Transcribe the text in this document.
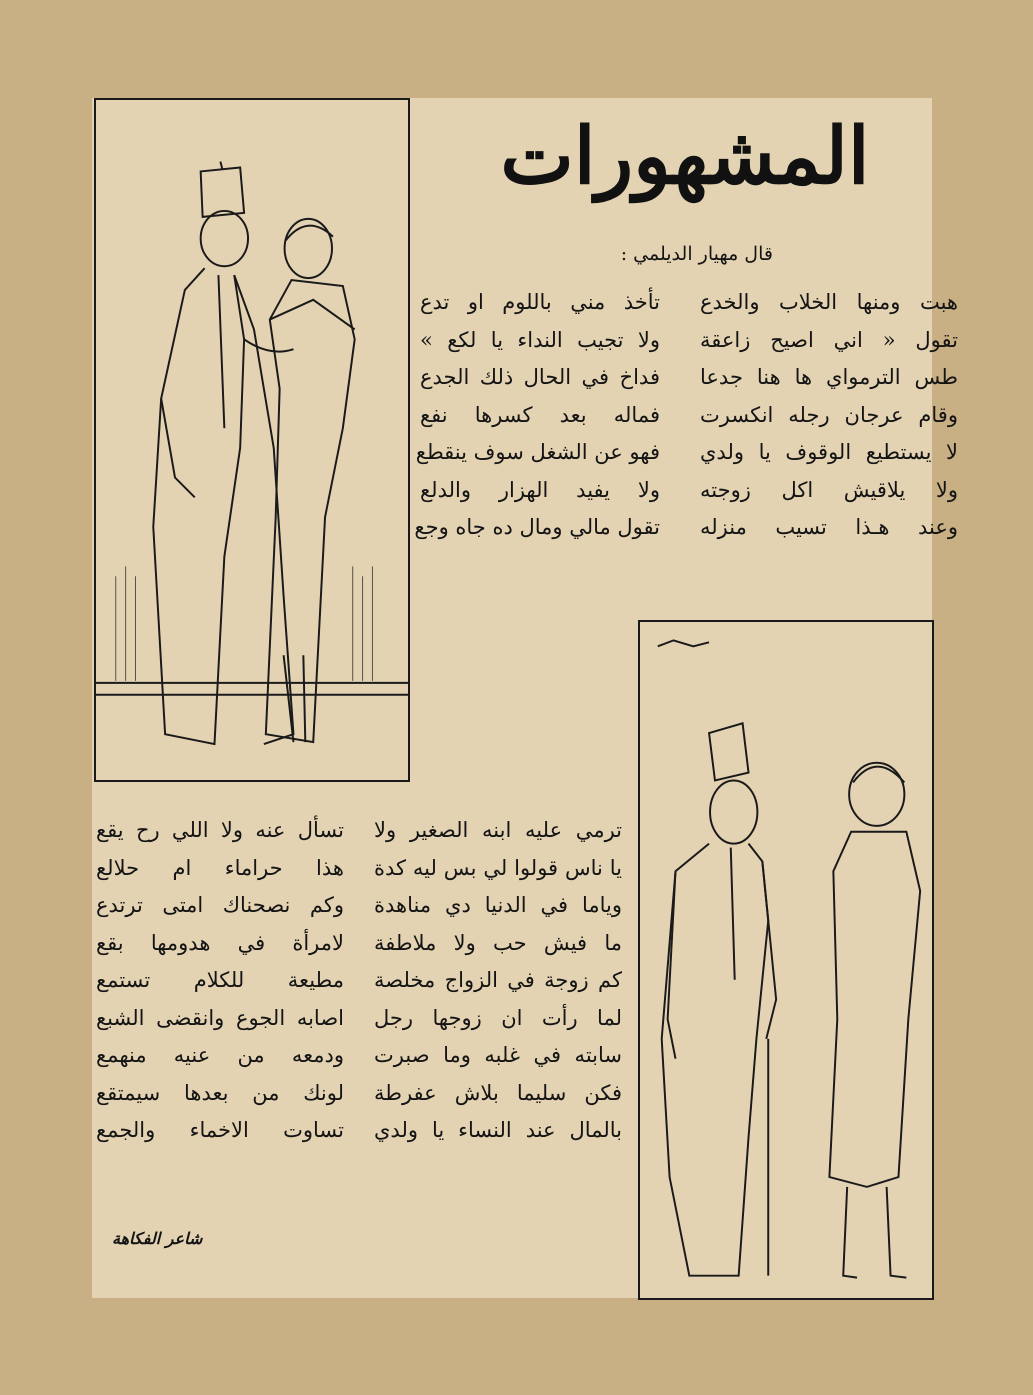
المشهورات
قال مهيار الديلمي :
هبت ومنها الخلاب والخدع
تقول « اني اصيح زاعقة
طس الترمواي ها هنا جدعا
وقام عرجان رجله انكسرت
لا يستطيع الوقوف يا ولدي
ولا يلاقيش اكل زوجته
وعند هـذا تسيب منزله
تأخذ مني باللوم او تدع
ولا تجيب النداء يا لكع »
فداخ في الحال ذلك الجدع
فماله بعد كسرها نفع
فهو عن الشغل سوف ينقطع
ولا يفيد الهزار والدلع
تقول مالي ومال ده جاه وجع
ترمي عليه ابنه الصغير ولا
يا ناس قولوا لي بس ليه كدة
وياما في الدنيا دي مناهدة
ما فيش حب ولا ملاطفة
كم زوجة في الزواج مخلصة
لما رأت ان زوجها رجل
سابته في غلبه وما صبرت
فكن سليما بلاش عفرطة
بالمال عند النساء يا ولدي
تسأل عنه ولا اللي رح يقع
هذا حراماء ام حلالع
وكم نصحناك امتى ترتدع
لامرأة في هدومها بقع
مطيعة للكلام تستمع
اصابه الجوع وانقضى الشبع
ودمعه من عنيه منهمع
لونك من بعدها سيمتقع
تساوت الاخماء والجمع
شاعر الفكاهة
